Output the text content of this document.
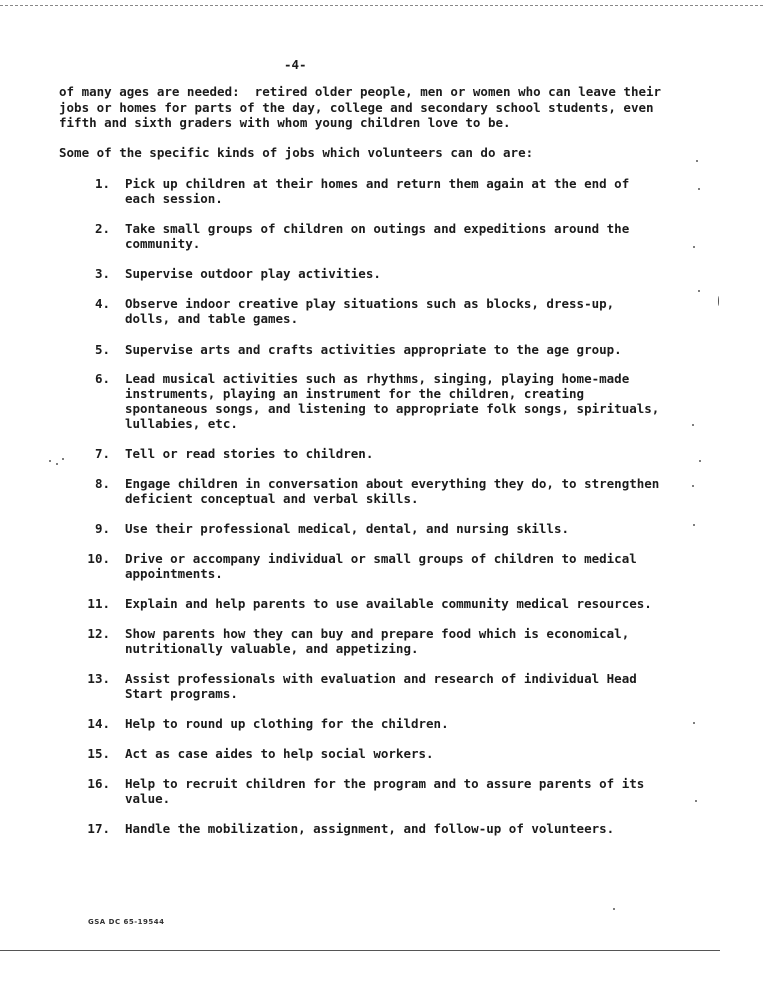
-4-

of many ages are needed:  retired older people, men or women who can leave their
jobs or homes for parts of the day, college and secondary school students, even
fifth and sixth graders with whom young children love to be.

Some of the specific kinds of jobs which volunteers can do are:

1. Pick up children at their homes and return them again at the end of
each session.
2. Take small groups of children on outings and expeditions around the
community.
3. Supervise outdoor play activities.
4. Observe indoor creative play situations such as blocks, dress-up,
dolls, and table games.
5. Supervise arts and crafts activities appropriate to the age group.
6. Lead musical activities such as rhythms, singing, playing home-made
instruments, playing an instrument for the children, creating
spontaneous songs, and listening to appropriate folk songs, spirituals,
lullabies, etc.
7. Tell or read stories to children.
8. Engage children in conversation about everything they do, to strengthen
deficient conceptual and verbal skills.
9. Use their professional medical, dental, and nursing skills.
10. Drive or accompany individual or small groups of children to medical
appointments.
11. Explain and help parents to use available community medical resources.
12. Show parents how they can buy and prepare food which is economical,
nutritionally valuable, and appetizing.
13. Assist professionals with evaluation and research of individual Head
Start programs.
14. Help to round up clothing for the children.
15. Act as case aides to help social workers.
16. Help to recruit children for the program and to assure parents of its
value.
17. Handle the mobilization, assignment, and follow-up of volunteers.
GSA DC 65-19544
